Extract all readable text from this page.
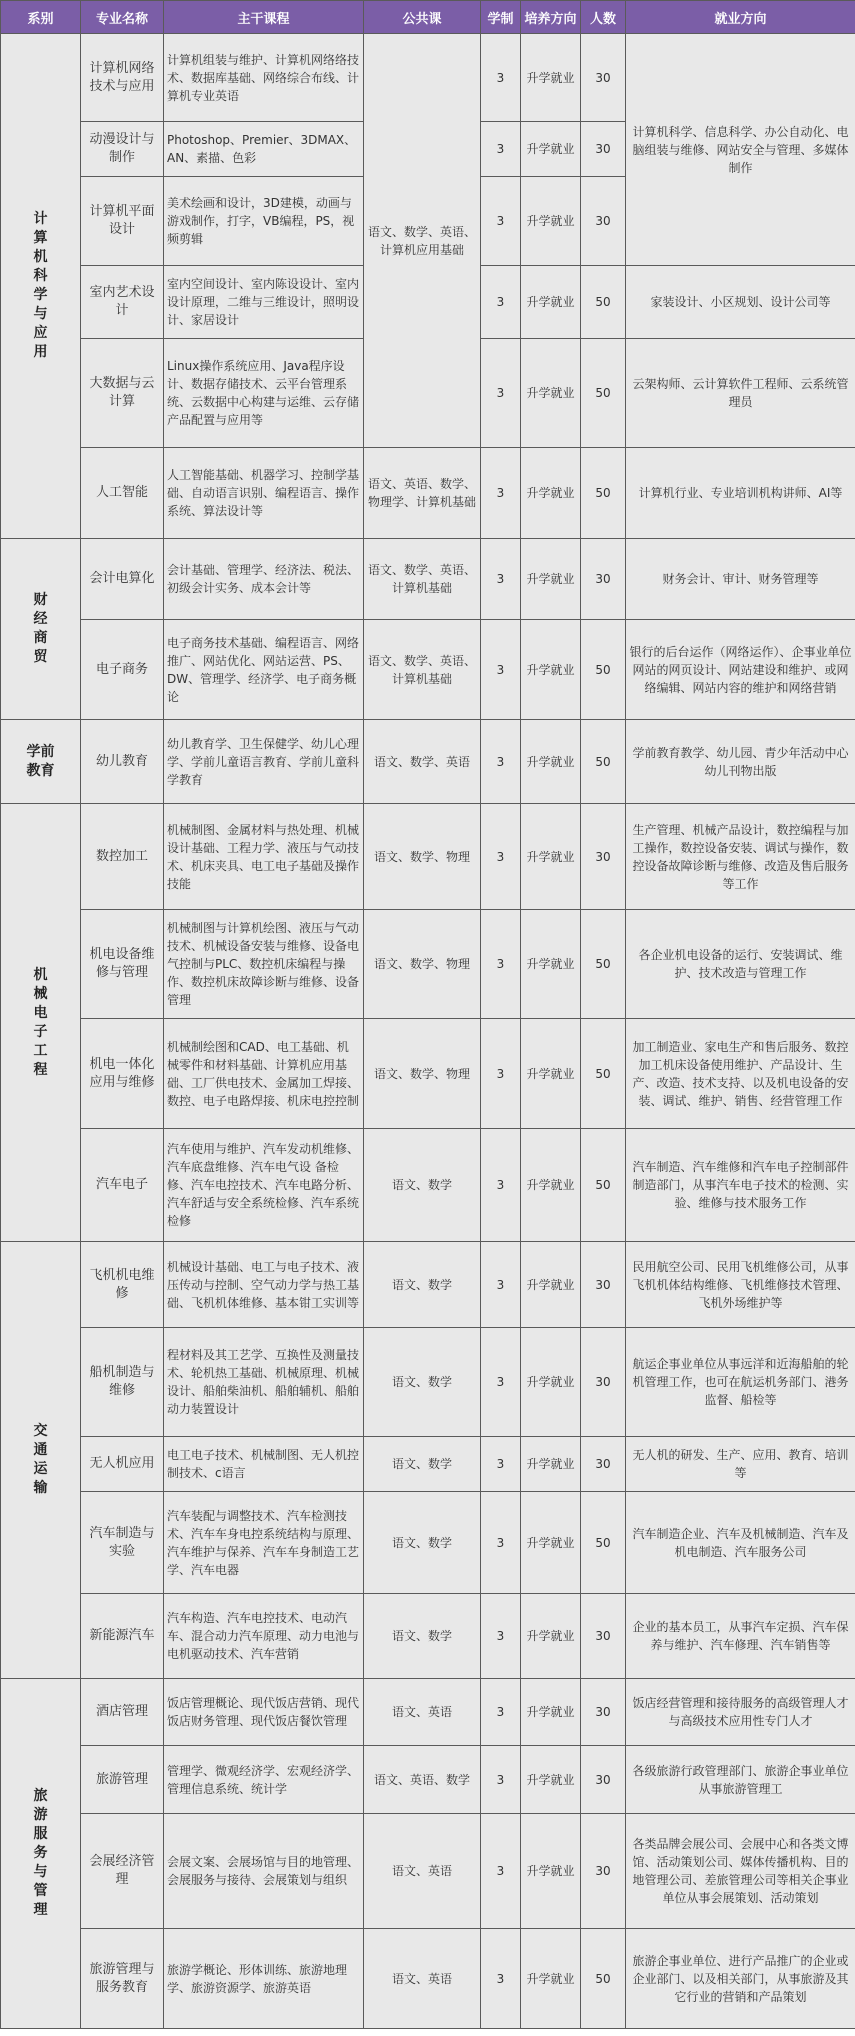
系别	专业名称	主干课程	公共课	学制	培养方向	人数	就业方向
计算机科学与应用	计算机网络技术与应用	计算机组装与维护、计算机网络络技术、数据库基础、网络综合布线、计算机专业英语	语文、数学、英语、计算机应用基础	3	升学就业	30	计算机科学、信息科学、办公自动化、电脑组装与维修、网站安全与管理、多媒体制作
	动漫设计与制作	Photoshop、Premier、3DMAX、AN、素描、色彩		3	升学就业	30	
	计算机平面设计	美术绘画和设计，3D建模，动画与游戏制作，打字，VB编程，PS，视频剪辑		3	升学就业	30	
	室内艺术设计	室内空间设计、室内陈设设计、室内设计原理，二维与三维设计，照明设计、家居设计		3	升学就业	50	家装设计、小区规划、设计公司等
	大数据与云计算	Linux操作系统应用、Java程序设计、数据存储技术、云平台管理系统、云数据中心构建与运维、云存储产品配置与应用等		3	升学就业	50	云架构师、云计算软件工程师、云系统管理员
	人工智能	人工智能基础、机器学习、控制学基础、自动语言识别、编程语言、操作系统、算法设计等	语文、英语、数学、物理学、计算机基础	3	升学就业	50	计算机行业、专业培训机构讲师、AI等
财经商贸	会计电算化	会计基础、管理学、经济法、税法、初级会计实务、成本会计等	语文、数学、英语、计算机基础	3	升学就业	30	财务会计、审计、财务管理等
	电子商务	电子商务技术基础、编程语言、网络推广、网站优化、网站运营、PS、DW、管理学、经济学、电子商务概论	语文、数学、英语、计算机基础	3	升学就业	50	银行的后台运作（网络运作）、企事业单位网站的网页设计、网站建设和维护、或网络编辑、网站内容的维护和网络营销
学前教育	幼儿教育	幼儿教育学、卫生保健学、幼儿心理学、学前儿童语言教育、学前儿童科学教育	语文、数学、英语	3	升学就业	50	学前教育教学、幼儿园、青少年活动中心幼儿刊物出版
机械电子工程	数控加工	机械制图、金属材料与热处理、机械设计基础、工程力学、液压与气动技术、机床夹具、电工电子基础及操作技能	语文、数学、物理	3	升学就业	30	生产管理、机械产品设计，数控编程与加工操作，数控设备安装、调试与操作，数控设备故障诊断与维修、改造及售后服务等工作
	机电设备维修与管理	机械制图与计算机绘图、液压与气动技术、机械设备安装与维修、设备电气控制与PLC、数控机床编程与操作、数控机床故障诊断与维修、设备管理	语文、数学、物理	3	升学就业	50	各企业机电设备的运行、安装调试、维护、技术改造与管理工作
	机电一体化应用与维修	机械制绘图和CAD、电工基础、机械零件和材料基础、计算机应用基础、工厂供电技术、金属加工焊接、数控、电子电路焊接、机床电控控制	语文、数学、物理	3	升学就业	50	加工制造业、家电生产和售后服务、数控加工机床设备使用维护、产品设计、生产、改造、技术支持、以及机电设备的安装、调试、维护、销售、经营管理工作
	汽车电子	汽车使用与维护、汽车发动机维修、汽车底盘维修、汽车电气设 备检修、汽车电控技术、汽车电路分析、汽车舒适与安全系统检修、汽车系统检修	语文、数学	3	升学就业	50	汽车制造、汽车维修和汽车电子控制部件制造部门，从事汽车电子技术的检测、实验、维修与技术服务工作
交通运输	飞机机电维修	机械设计基础、电工与电子技术、液压传动与控制、空气动力学与热工基础、飞机机体维修、基本钳工实训等	语文、数学	3	升学就业	30	民用航空公司、民用飞机维修公司，从事飞机机体结构维修、飞机维修技术管理、飞机外场维护等
	船机制造与维修	程材料及其工艺学、互换性及测量技术、轮机热工基础、机械原理、机械设计、船舶柴油机、船舶辅机、船舶动力装置设计	语文、数学	3	升学就业	30	航运企事业单位从事远洋和近海船舶的轮机管理工作，也可在航运机务部门、港务 监督、船检等
	无人机应用	电工电子技术、机械制图、无人机控制技术、c语言	语文、数学	3	升学就业	30	无人机的研发、生产、应用、教育、培训等
	汽车制造与实验	汽车装配与调整技术、汽车检测技术、汽车车身电控系统结构与原理、汽车维护与保养、汽车车身制造工艺学、汽车电器	语文、数学	3	升学就业	50	汽车制造企业、汽车及机械制造、汽车及机电制造、汽车服务公司
	新能源汽车	汽车构造、汽车电控技术、电动汽车、混合动力汽车原理、动力电池与电机驱动技术、汽车营销	语文、数学	3	升学就业	30	企业的基本员工，从事汽车定损、汽车保养与维护、汽车修理、汽车销售等
旅游服务与管理	酒店管理	饭店管理概论、现代饭店营销、现代饭店财务管理、现代饭店餐饮管理	语文、英语	3	升学就业	30	饭店经营管理和接待服务的高级管理人才与高级技术应用性专门人才
	旅游管理	管理学、微观经济学、宏观经济学、管理信息系统、统计学	语文、英语、数学	3	升学就业	30	各级旅游行政管理部门、旅游企事业单位从事旅游管理工
	会展经济管理	会展文案、会展场馆与目的地管理、会展服务与接待、会展策划与组织	语文、英语	3	升学就业	30	各类品牌会展公司、会展中心和各类文博馆、活动策划公司、媒体传播机构、目的地管理公司、差旅管理公司等相关企事业单位从事会展策划、活动策划
	旅游管理与服务教育	旅游学概论、形体训练、旅游地理学、旅游资源学、旅游英语	语文、英语	3	升学就业	50	旅游企事业单位、进行产品推广的企业或企业部门、以及相关部门，从事旅游及其它行业的营销和产品策划
